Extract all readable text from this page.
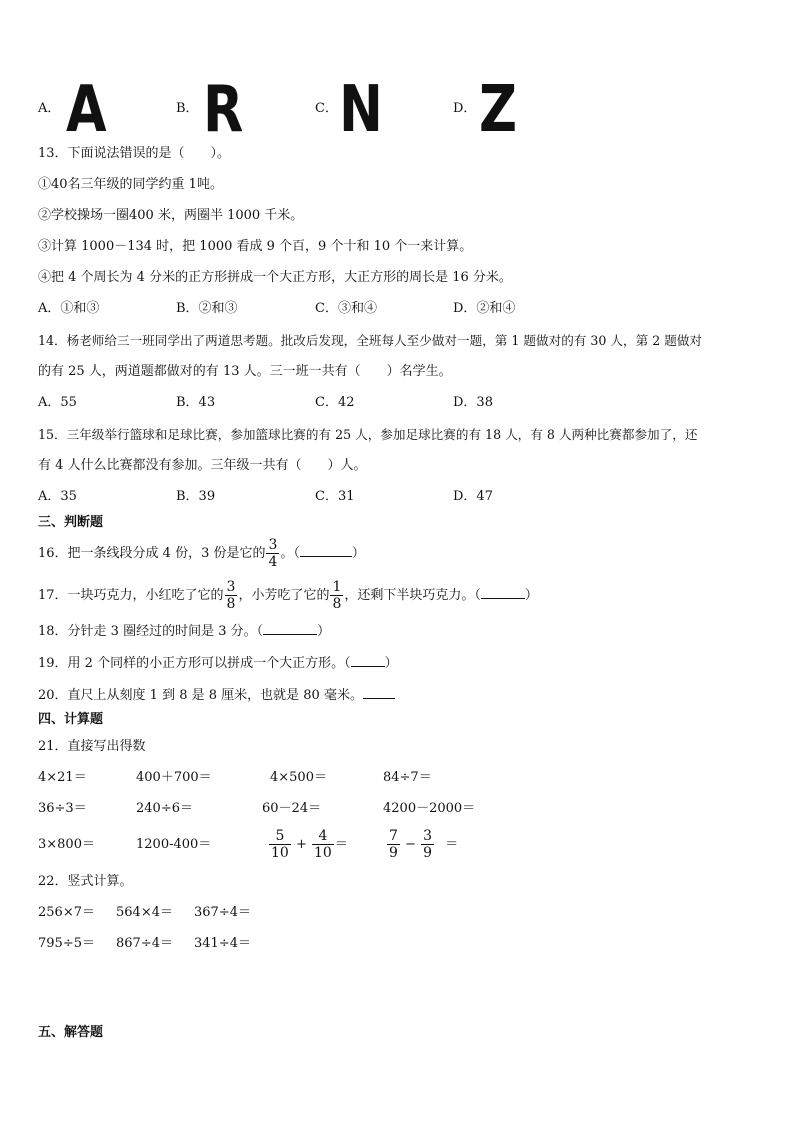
A． A	B． R	C． N	D． Z
13．下面说法错误的是（　　）。
①40名三年级的同学约重 1吨。
②学校操场一圈400 米，两圈半 1000 千米。
③计算 1000－134 时，把 1000 看成 9 个百，9 个十和 10 个一来计算。
④把 4 个周长为 4 分米的正方形拼成一个大正方形，大正方形的周长是 16 分米。
A．①和③	B．②和③	C．③和④	D．②和④
14．杨老师给三一班同学出了两道思考题。批改后发现，全班每人至少做对一题，第 1 题做对的有 30 人，第 2 题做对
的有 25 人，两道题都做对的有 13 人。三一班一共有（　　）名学生。
A．55	B．43	C．42	D．38
15．三年级举行篮球和足球比赛，参加篮球比赛的有 25 人，参加足球比赛的有 18 人，有 8 人两种比赛都参加了，还
有 4 人什么比赛都没有参加。三年级一共有（　　）人。
A．35	B．39	C．31	D．47
三、判断题
16．把一条线段分成 4 份，3 份是它的 $\frac{3}{4}$ 。（	）
17．一块巧克力，小红吃了它的 $\frac{3}{8}$ ，小芳吃了它的 $\frac{1}{8}$ ，还剩下半块巧克力。（	）
18．分针走 3 圈经过的时间是 3 分。（	）
19．用 2 个同样的小正方形可以拼成一个大正方形。（	）
20．直尺上从刻度 1 到 8 是 8 厘米，也就是 80 毫米。
四、计算题
21．直接写出得数
4×21＝	400＋700＝	4×500＝	84÷7＝
36÷3＝	240÷6＝	60－24＝	4200－2000＝
3×800＝	1200-400＝	$\frac{5}{10} + \frac{4}{10}$ ＝	$\frac{7}{9} - \frac{3}{9}$ ＝
22．竖式计算。
256×7＝ 564×4＝ 367÷4＝
795÷5＝ 867÷4＝ 341÷4＝
五、解答题
